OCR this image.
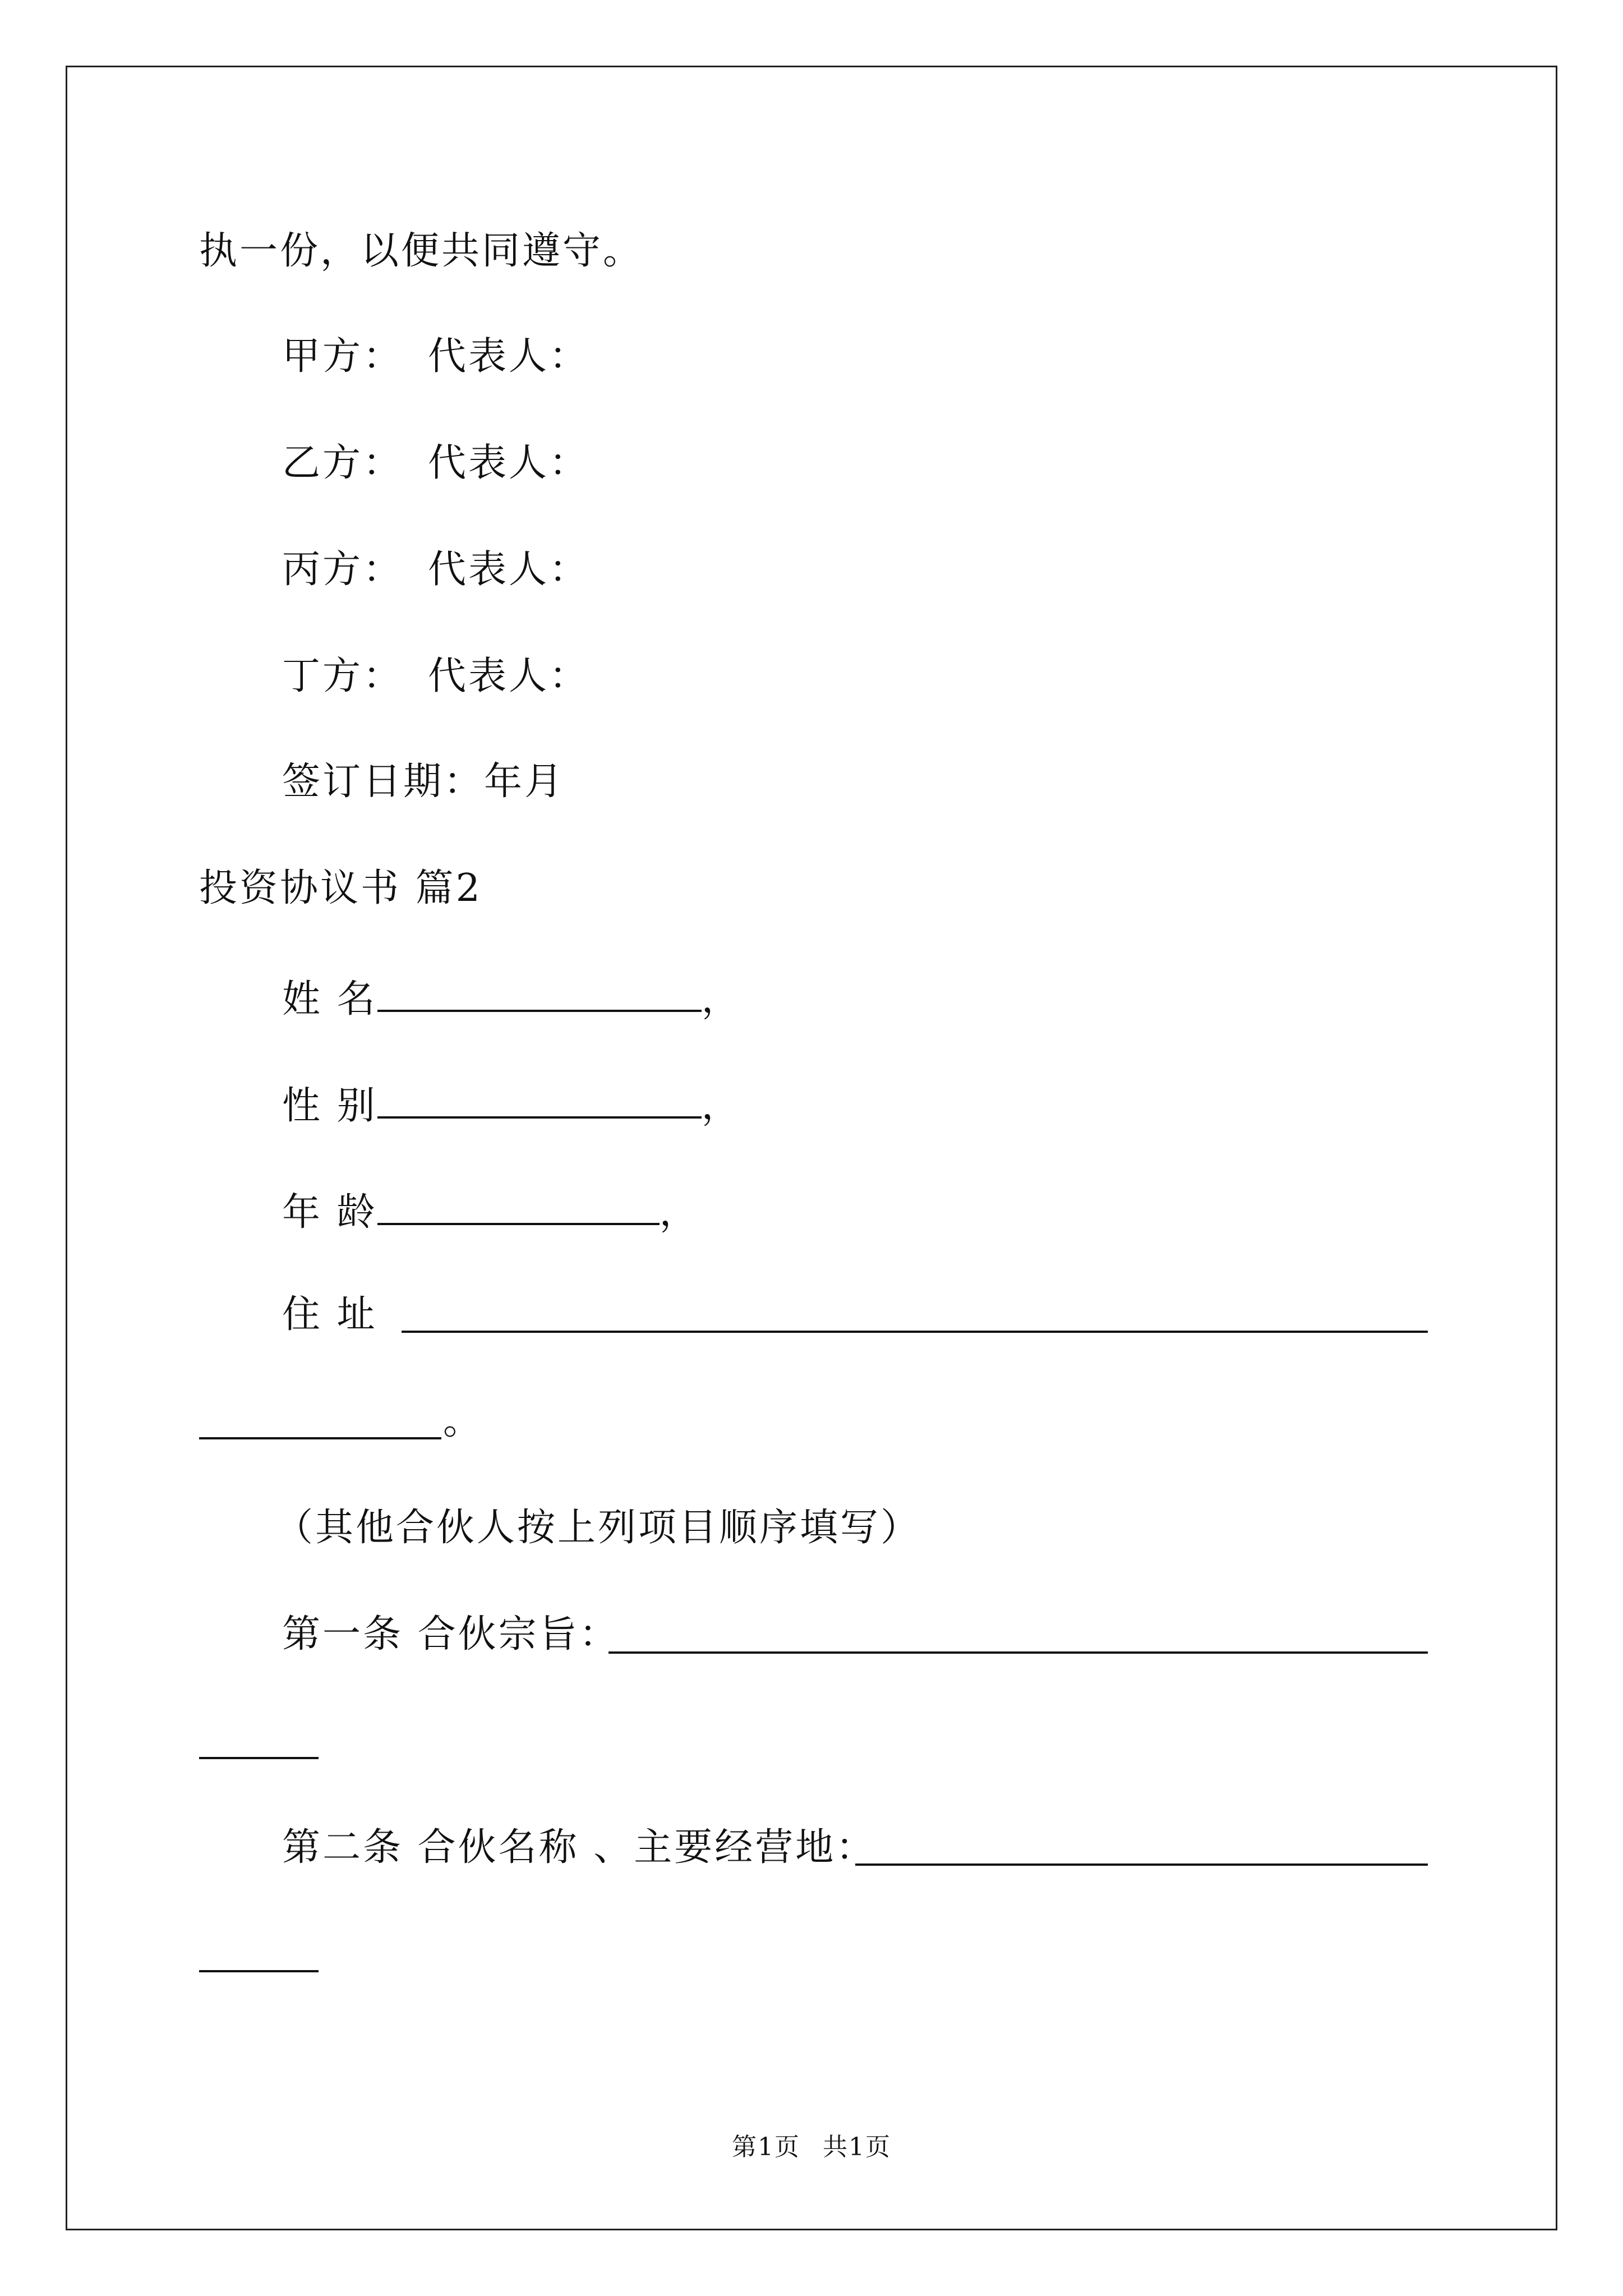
执一份，以便共同遵守。
甲方： 代表人：
乙方： 代表人：
丙方： 代表人：
丁方： 代表人：
签订日期：年月
投资协议书 篇2
姓 名	，
性 别	，
年 龄	，
住 址
。
（其他合伙人按上列项目顺序填写）
第一条 合伙宗旨：
第二条 合伙名称 、主要经营地：
第1页 共1页
